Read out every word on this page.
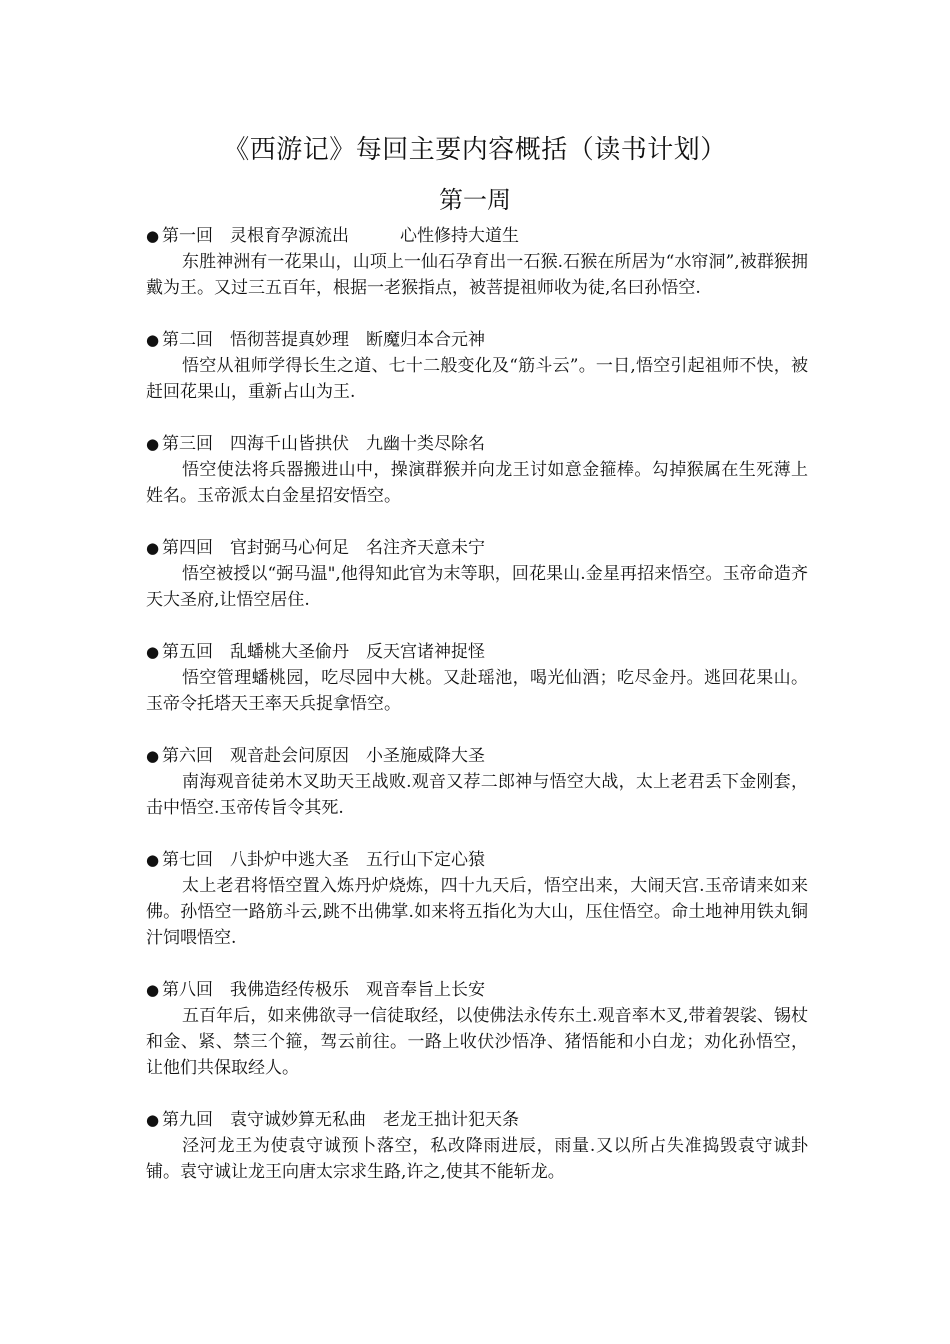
《西游记》每回主要内容概括（读书计划）
第一周
● 第一回　灵根育孕源流出　　　心性修持大道生
东胜神洲有一花果山，山项上一仙石孕育出一石猴.石猴在所居为“水帘洞”,被群猴拥戴为王。又过三五百年，根据一老猴指点，被菩提祖师收为徒,名曰孙悟空.
● 第二回　悟彻菩提真妙理　断魔归本合元神
悟空从祖师学得长生之道、七十二般变化及“筋斗云”。一日,悟空引起祖师不快，被赶回花果山，重新占山为王.
● 第三回　四海千山皆拱伏　九幽十类尽除名
悟空使法将兵器搬进山中，操演群猴并向龙王讨如意金箍棒。勾掉猴属在生死薄上姓名。玉帝派太白金星招安悟空。
● 第四回　官封弼马心何足　名注齐天意未宁
悟空被授以“弼马温",他得知此官为末等职，回花果山.金星再招来悟空。玉帝命造齐天大圣府,让悟空居住.
● 第五回　乱蟠桃大圣偷丹　反天宫诸神捉怪
悟空管理蟠桃园，吃尽园中大桃。又赴瑶池，喝光仙酒；吃尽金丹。逃回花果山。玉帝令托塔天王率天兵捉拿悟空。
● 第六回　观音赴会问原因　小圣施威降大圣
南海观音徒弟木叉助天王战败.观音又荐二郎神与悟空大战，太上老君丢下金刚套，击中悟空.玉帝传旨令其死.
● 第七回　八卦炉中逃大圣　五行山下定心猿
太上老君将悟空置入炼丹炉烧炼，四十九天后，悟空出来，大闹天宫.玉帝请来如来佛。孙悟空一路筋斗云,跳不出佛掌.如来将五指化为大山，压住悟空。命土地神用铁丸铜汁饲喂悟空.
● 第八回　我佛造经传极乐　观音奉旨上长安
五百年后，如来佛欲寻一信徒取经，以使佛法永传东土.观音率木叉,带着袈裟、锡杖和金、紧、禁三个箍，驾云前往。一路上收伏沙悟净、猪悟能和小白龙；劝化孙悟空，让他们共保取经人。
● 第九回　袁守诚妙算无私曲　老龙王拙计犯天条
泾河龙王为使袁守诚预卜落空，私改降雨进辰，雨量.又以所占失准捣毁袁守诚卦铺。袁守诚让龙王向唐太宗求生路,许之,使其不能斩龙。
